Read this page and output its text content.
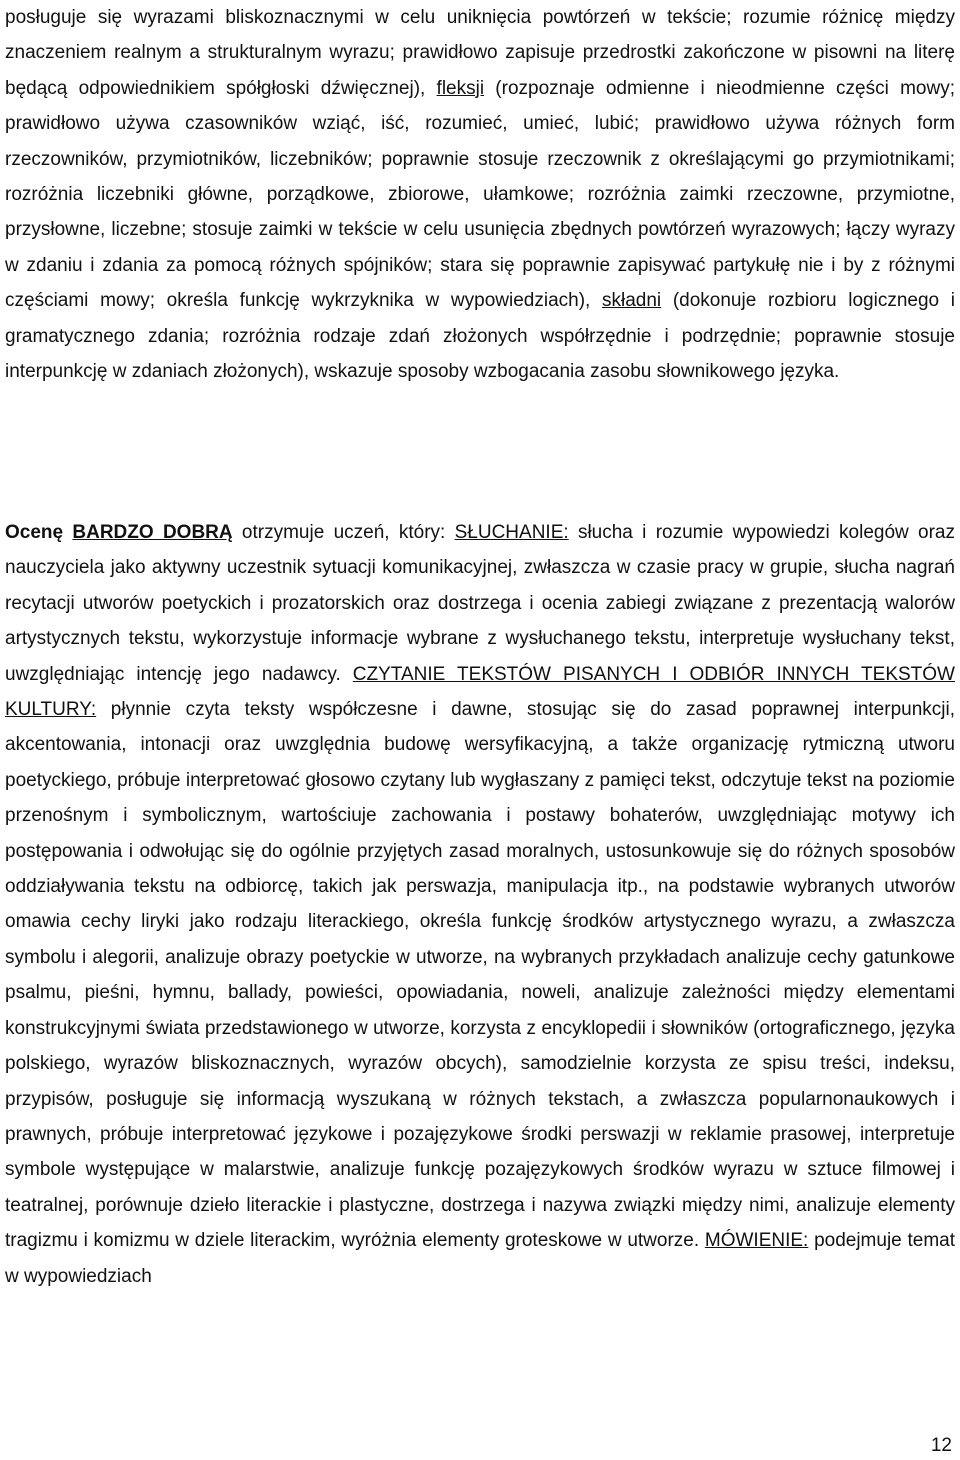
posługuje się wyrazami bliskoznacznymi w celu uniknięcia powtórzeń w tekście; rozumie różnicę między znaczeniem realnym a strukturalnym wyrazu; prawidłowo zapisuje przedrostki zakończone w pisowni na literę będącą odpowiednikiem spółgłoski dźwięcznej), fleksji (rozpoznaje odmienne i nieodmienne części mowy; prawidłowo używa czasowników wziąć, iść, rozumieć, umieć, lubić; prawidłowo używa różnych form rzeczowników, przymiotników, liczebników; poprawnie stosuje rzeczownik z określającymi go przymiotnikami; rozróżnia liczebniki główne, porządkowe, zbiorowe, ułamkowe; rozróżnia zaimki rzeczowne, przymiotne, przysłowne, liczebne; stosuje zaimki w tekście w celu usunięcia zbędnych powtórzeń wyrazowych; łączy wyrazy w zdaniu i zdania za pomocą różnych spójników; stara się poprawnie zapisywać partykułę nie i by z różnymi częściami mowy; określa funkcję wykrzyknika w wypowiedziach), składni (dokonuje rozbioru logicznego i gramatycznego zdania; rozróżnia rodzaje zdań złożonych współrzędnie i podrzędnie; poprawnie stosuje interpunkcję w zdaniach złożonych), wskazuje sposoby wzbogacania zasobu słownikowego języka.

Ocenę BARDZO DOBRĄ otrzymuje uczeń, który: SŁUCHANIE: słucha i rozumie wypowiedzi kolegów oraz nauczyciela jako aktywny uczestnik sytuacji komunikacyjnej, zwłaszcza w czasie pracy w grupie, słucha nagrań recytacji utworów poetyckich i prozatorskich oraz dostrzega i ocenia zabiegi związane z prezentacją walorów artystycznych tekstu, wykorzystuje informacje wybrane z wysłuchanego tekstu, interpretuje wysłuchany tekst, uwzględniając intencję jego nadawcy. CZYTANIE TEKSTÓW PISANYCH I ODBIÓR INNYCH TEKSTÓW KULTURY: płynnie czyta teksty współczesne i dawne, stosując się do zasad poprawnej interpunkcji, akcentowania, intonacji oraz uwzględnia budowę wersyfikacyjną, a także organizację rytmiczną utworu poetyckiego, próbuje interpretować głosowo czytany lub wygłaszany z pamięci tekst, odczytuje tekst na poziomie przenośnym i symbolicznym, wartościuje zachowania i postawy bohaterów, uwzględniając motywy ich postępowania i odwołując się do ogólnie przyjętych zasad moralnych, ustosunkowuje się do różnych sposobów oddziaływania tekstu na odbiorcę, takich jak perswazja, manipulacja itp., na podstawie wybranych utworów omawia cechy liryki jako rodzaju literackiego, określa funkcję środków artystycznego wyrazu, a zwłaszcza symbolu i alegorii, analizuje obrazy poetyckie w utworze, na wybranych przykładach analizuje cechy gatunkowe psalmu, pieśni, hymnu, ballady, powieści, opowiadania, noweli, analizuje zależności między elementami konstrukcyjnymi świata przedstawionego w utworze, korzysta z encyklopedii i słowników (ortograficznego, języka polskiego, wyrazów bliskoznacznych, wyrazów obcych), samodzielnie korzysta ze spisu treści, indeksu, przypisów, posługuje się informacją wyszukaną w różnych tekstach, a zwłaszcza popularnonaukowych i prawnych, próbuje interpretować językowe i pozajęzykowe środki perswazji w reklamie prasowej, interpretuje symbole występujące w malarstwie, analizuje funkcję pozajęzykowych środków wyrazu w sztuce filmowej i teatralnej, porównuje dzieło literackie i plastyczne, dostrzega i nazywa związki między nimi, analizuje elementy tragizmu i komizmu w dziele literackim, wyróżnia elementy groteskowe w utworze. MÓWIENIE: podejmuje temat w wypowiedziach

12
